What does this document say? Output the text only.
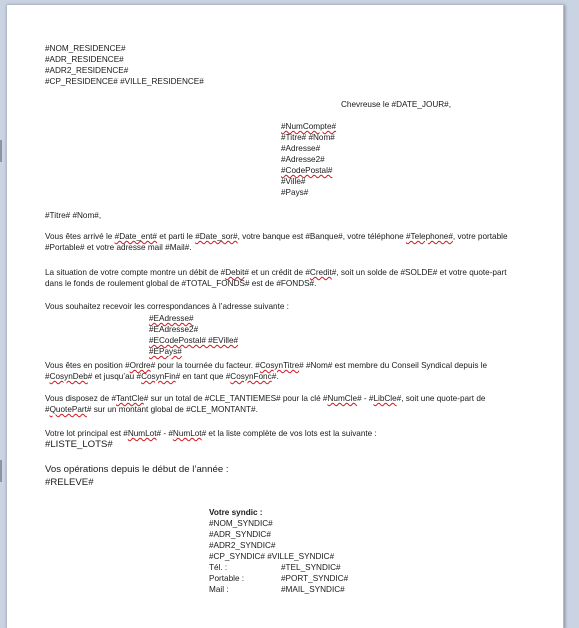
#NOM_RESIDENCE#
#ADR_RESIDENCE#
#ADR2_RESIDENCE#
#CP_RESIDENCE# #VILLE_RESIDENCE#
Chevreuse le #DATE_JOUR#,
#NumCompte#
#Titre# #Nom#
#Adresse#
#Adresse2#
#CodePostal#
#Ville#
#Pays#
#Titre# #Nom#,
Vous êtes arrivé le #Date_ent# et parti le #Date_sor#, votre banque est #Banque#, votre téléphone #Telephone#, votre portable
#Portable# et votre adresse mail #Mail#.
La situation de votre compte montre un débit de #Debit# et un crédit de #Credit#, soit un solde de #SOLDE# et votre quote-part
dans le fonds de roulement global de #TOTAL_FONDS# est de #FONDS#.
Vous souhaitez recevoir les correspondances à l’adresse suivante :
#EAdresse#
#EAdresse2#
#ECodePostal# #EVille#
#EPays#
Vous êtes en position #Ordre# pour la tournée du facteur. #CosynTitre# #Nom# est membre du Conseil Syndical depuis le
#CosynDeb# et jusqu’au #CosynFin# en tant que #CosynFonc#.
Vous disposez de #TantCle# sur un total de #CLE_TANTIEMES# pour la clé #NumCle# - #LibCle#, soit une quote-part de
#QuotePart# sur un montant global de #CLE_MONTANT#.
Votre lot principal est #NumLot# - #NumLot# et la liste complète de vos lots est la suivante :
#LISTE_LOTS#
Vos opérations depuis le début de l’année :
#RELEVE#
Votre syndic :
#NOM_SYNDIC#
#ADR_SYNDIC#
#ADR2_SYNDIC#
#CP_SYNDIC# #VILLE_SYNDIC#
Tél. :	#TEL_SYNDIC#
Portable :	#PORT_SYNDIC#
Mail :	#MAIL_SYNDIC#
